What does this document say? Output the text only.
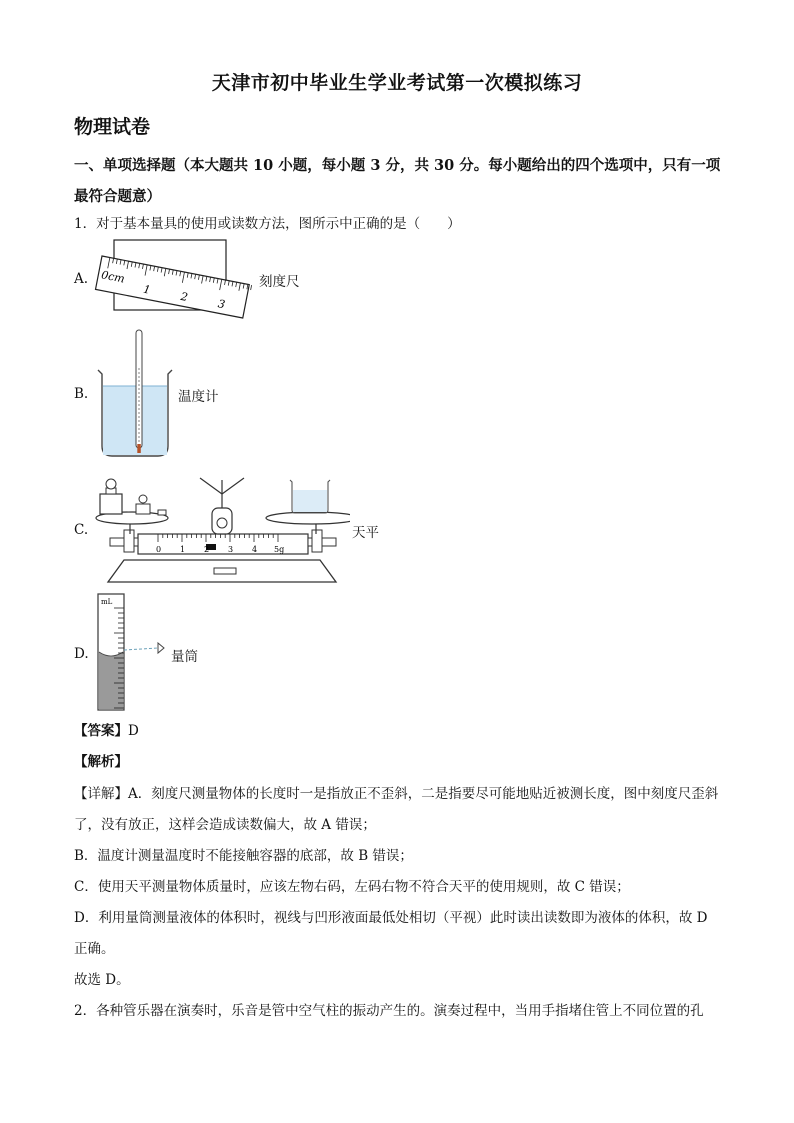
天津市初中毕业生学业考试第一次模拟练习
物理试卷
一、单项选择题（本大题共 10 小题，每小题 3 分，共 30 分。每小题给出的四个选项中，只有一项最符合题意）
1．对于基本量具的使用或读数方法，图所示中正确的是（　　）
A. 0cm
1
2
3
刻度尺
B.	温度计
C.
0 1 2 3 4 5g
天平
D.
mL
量筒
【答案】D
【解析】
【详解】A．刻度尺测量物体的长度时一是指放正不歪斜，二是指要尽可能地贴近被测长度，图中刻度尺歪斜了，没有放正，这样会造成读数偏大，故 A 错误；
B．温度计测量温度时不能接触容器的底部，故 B 错误；
C．使用天平测量物体质量时，应该左物右码，左码右物不符合天平的使用规则，故 C 错误；
D．利用量筒测量液体的体积时，视线与凹形液面最低处相切（平视）此时读出读数即为液体的体积，故 D 正确。
故选 D。
2．各种管乐器在演奏时，乐音是管中空气柱的振动产生的。演奏过程中，当用手指堵住管上不同位置的孔
